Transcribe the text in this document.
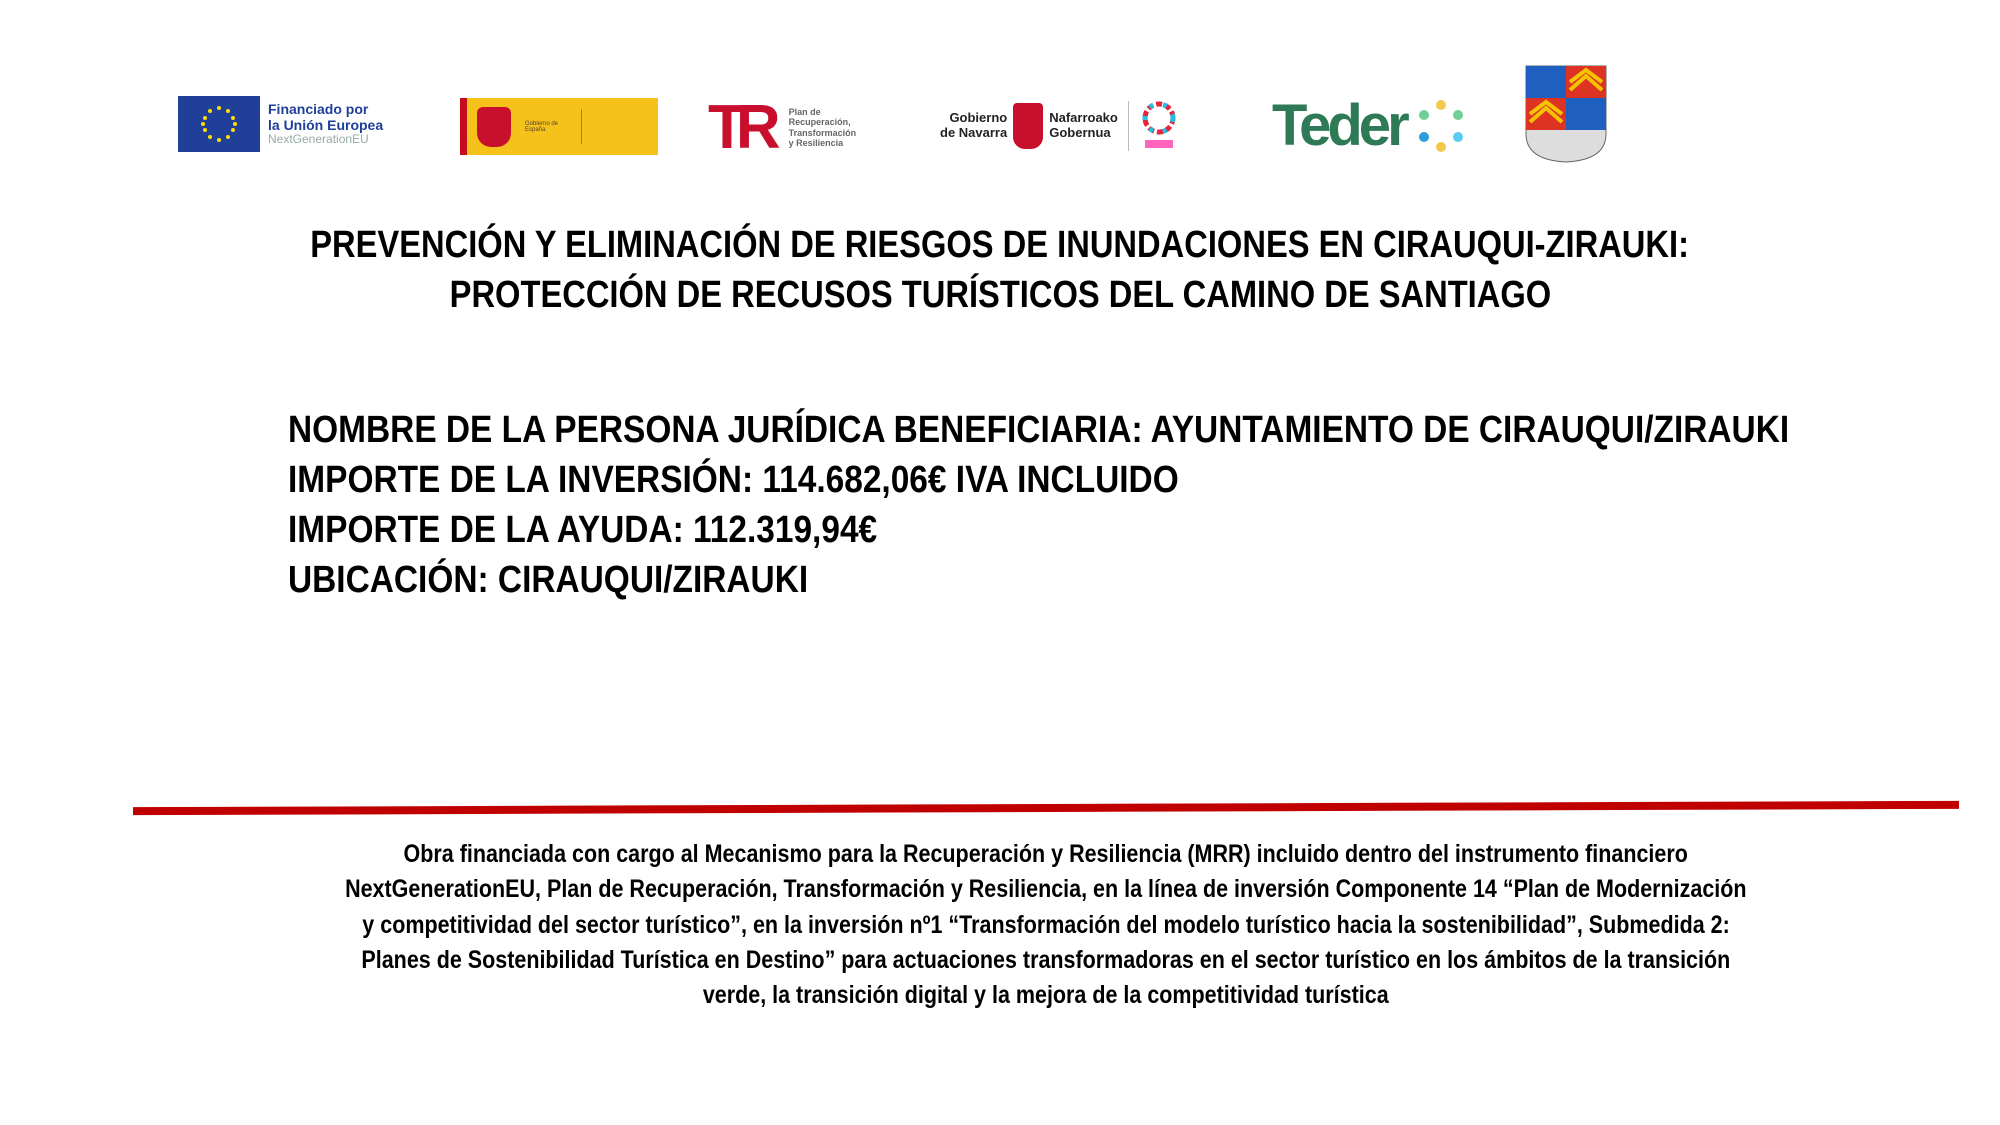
Financiado por
la Unión Europea
NextGenerationEU
Gobierno de España	TR Plan de
Recuperación,
Transformación
y Resiliencia
Gobierno
de Navarra
Nafarroako
Gobernua	Teder
PREVENCIÓN Y ELIMINACIÓN DE RIESGOS DE INUNDACIONES EN CIRAUQUI-ZIRAUKI:
PROTECCIÓN DE RECUSOS TURÍSTICOS DEL CAMINO DE SANTIAGO
NOMBRE DE LA PERSONA JURÍDICA BENEFICIARIA: AYUNTAMIENTO DE CIRAUQUI/ZIRAUKI
IMPORTE DE LA INVERSIÓN: 114.682,06€ IVA INCLUIDO
IMPORTE DE LA AYUDA: 112.319,94€
UBICACIÓN: CIRAUQUI/ZIRAUKI
Obra financiada con cargo al Mecanismo para la Recuperación y Resiliencia (MRR) incluido dentro del instrumento financiero
NextGenerationEU, Plan de Recuperación, Transformación y Resiliencia, en la línea de inversión Componente 14 “Plan de Modernización
y competitividad del sector turístico”, en la inversión nº1 “Transformación del modelo turístico hacia la sostenibilidad”, Submedida 2:
Planes de Sostenibilidad Turística en Destino” para actuaciones transformadoras en el sector turístico en los ámbitos de la transición
verde, la transición digital y la mejora de la competitividad turística
